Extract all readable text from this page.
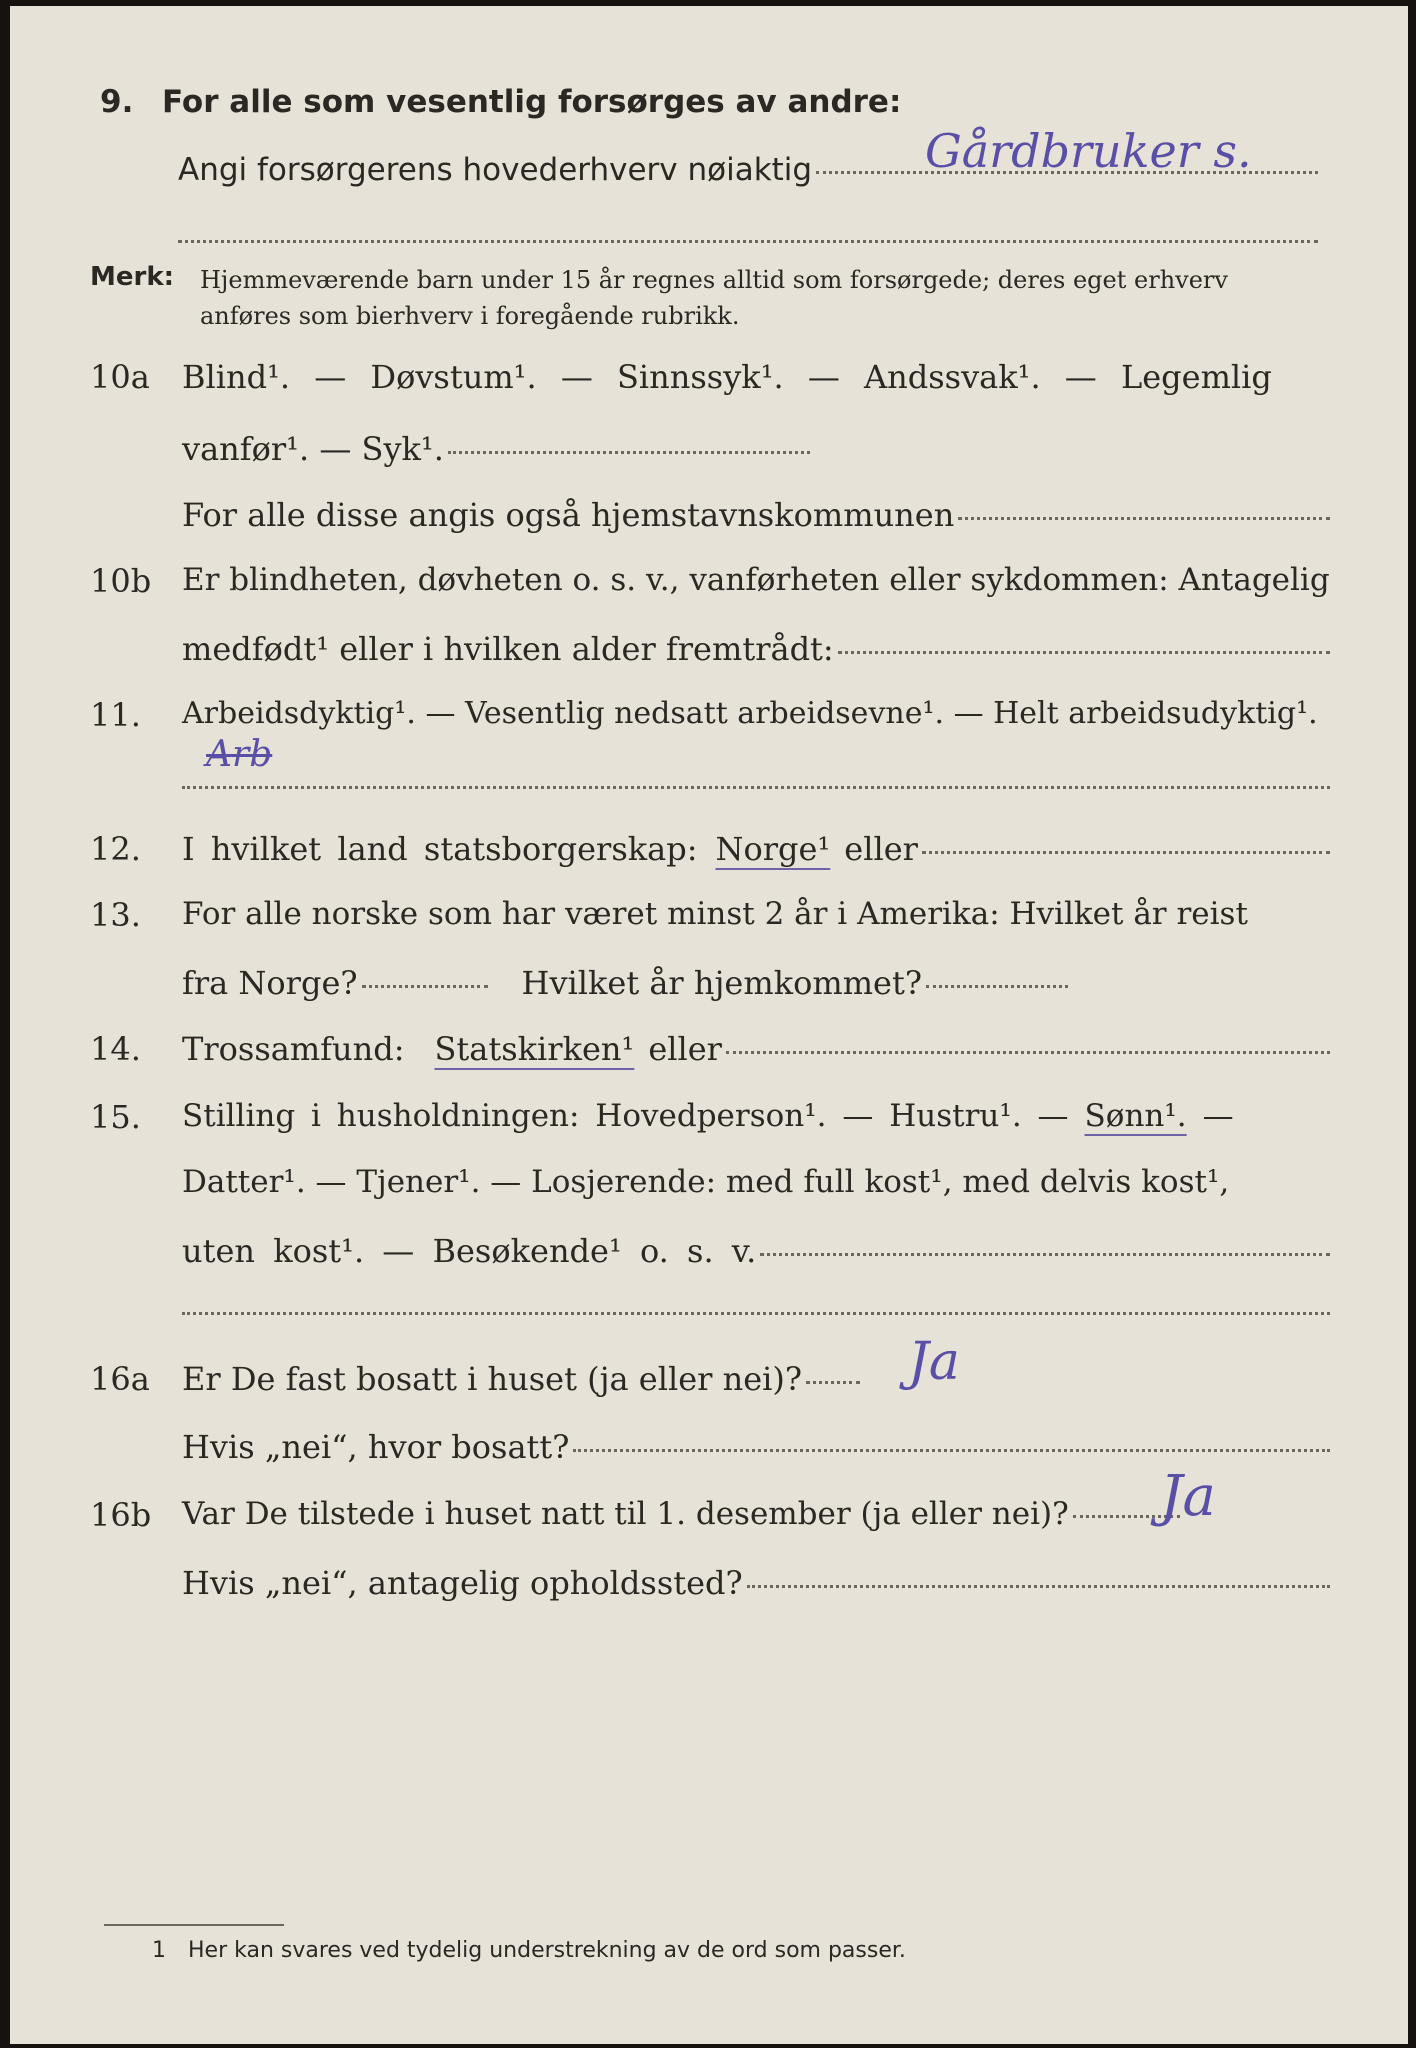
9. For alle som vesentlig forsørges av andre:
Angi forsørgerens hovederhverv nøiaktig Gårdbruker s.
Merk: Hjemmeværende barn under 15 år regnes alltid som forsørgede; deres eget erhverv
anføres som bierhverv i foregående rubrikk.
10a Blind¹. — Døvstum¹. — Sinnssyk¹. — Andssvak¹. — Legemlig
vanfør¹. — Syk¹.
For alle disse angis også hjemstavnskommunen
10b Er blindheten, døvheten o. s. v., vanførheten eller sykdommen: Antagelig
medfødt¹ eller i hvilken alder fremtrådt:
11. Arbeidsdyktig¹. — Vesentlig nedsatt arbeidsevne¹. — Helt arbeidsudyktig¹.
Arb
12. I hvilket land statsborgerskap: Norge¹ eller
13. For alle norske som har været minst 2 år i Amerika: Hvilket år reist
fra Norge?	Hvilket år hjemkommet?
14. Trossamfund: Statskirken¹ eller
15. Stilling i husholdningen: Hovedperson¹. — Hustru¹. — Sønn¹. —
Datter¹. — Tjener¹. — Losjerende: med full kost¹, med delvis kost¹,
uten kost¹. — Besøkende¹ o. s. v.
16a Er De fast bosatt i huset (ja eller nei)? Ja
Hvis „nei“, hvor bosatt?
16b Var De tilstede i huset natt til 1. desember (ja eller nei)? Ja
Hvis „nei“, antagelig opholdssted?
1 Her kan svares ved tydelig understrekning av de ord som passer.
